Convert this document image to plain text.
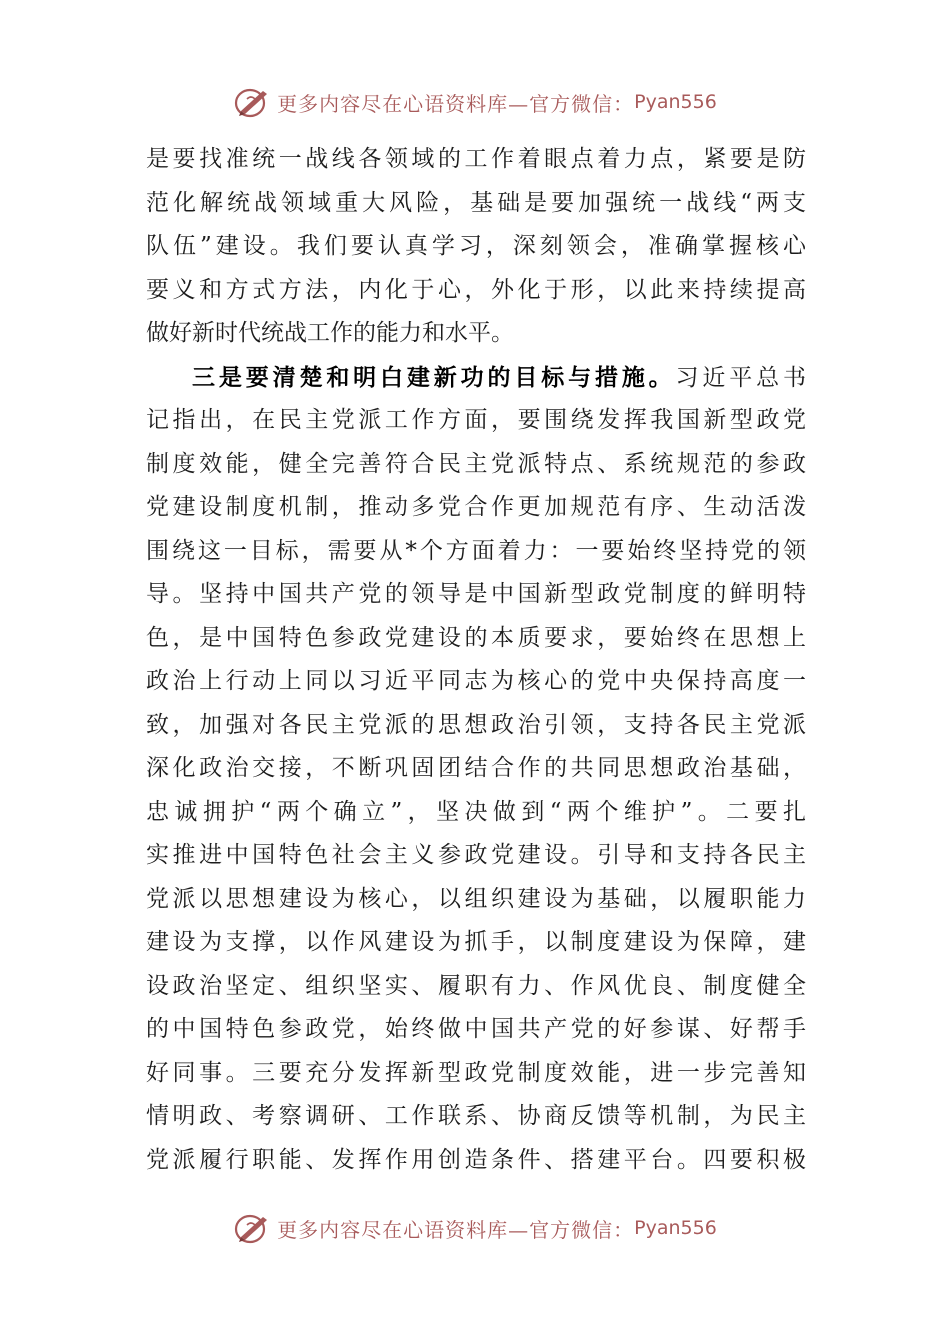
更多内容尽在心语资料库—官方微信： Pyan556
是要找准统一战线各领域的工作着眼点着力点，紧要是防
范化解统战领域重大风险，基础是要加强统一战线“两支
队伍”建设。我们要认真学习，深刻领会，准确掌握核心
要义和方式方法，内化于心，外化于形，以此来持续提高
做好新时代统战工作的能力和水平。
三是要清楚和明白建新功的目标与措施。习近平总书
记指出，在民主党派工作方面，要围绕发挥我国新型政党
制度效能，健全完善符合民主党派特点、系统规范的参政
党建设制度机制，推动多党合作更加规范有序、生动活泼
围绕这一目标，需要从*个方面着力：一要始终坚持党的领
导。坚持中国共产党的领导是中国新型政党制度的鲜明特
色，是中国特色参政党建设的本质要求，要始终在思想上
政治上行动上同以习近平同志为核心的党中央保持高度一
致，加强对各民主党派的思想政治引领，支持各民主党派
深化政治交接，不断巩固团结合作的共同思想政治基础，
忠诚拥护“两个确立”，坚决做到“两个维护”。二要扎
实推进中国特色社会主义参政党建设。引导和支持各民主
党派以思想建设为核心，以组织建设为基础，以履职能力
建设为支撑，以作风建设为抓手，以制度建设为保障，建
设政治坚定、组织坚实、履职有力、作风优良、制度健全
的中国特色参政党，始终做中国共产党的好参谋、好帮手
好同事。三要充分发挥新型政党制度效能，进一步完善知
情明政、考察调研、工作联系、协商反馈等机制，为民主
党派履行职能、发挥作用创造条件、搭建平台。四要积极
更多内容尽在心语资料库—官方微信： Pyan556
